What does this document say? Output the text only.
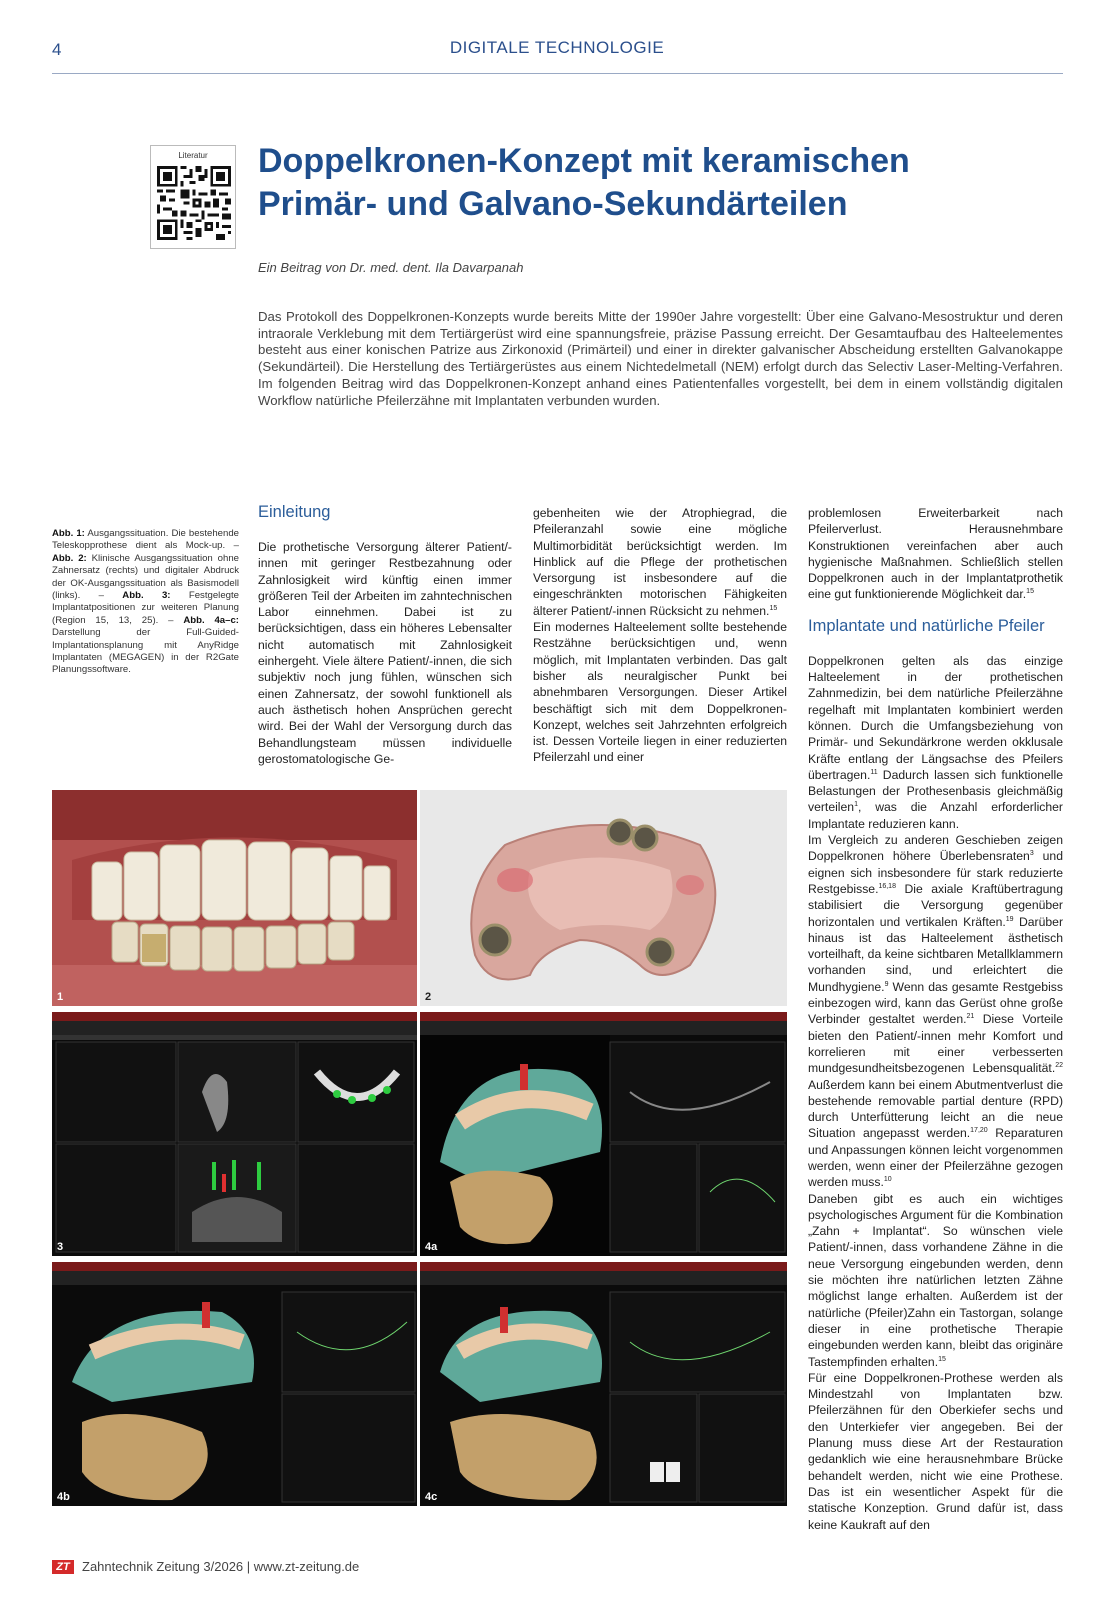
4	DIGITALE TECHNOLOGIE
Literatur	Doppelkronen-Konzept mit keramischen Primär- und Galvano-Sekundärteilen
Ein Beitrag von Dr. med. dent. Ila Davarpanah

Das Protokoll des Doppelkronen-Konzepts wurde bereits Mitte der 1990er Jahre vorgestellt: Über eine Galvano-Mesostruktur und deren intraorale Verklebung mit dem Tertiärgerüst wird eine spannungsfreie, präzise Passung erreicht. Der Gesamtaufbau des Halteelementes besteht aus einer konischen Patrize aus Zirkonoxid (Primärteil) und einer in direkter galvanischer Abscheidung erstellten Galvanokappe (Sekundärteil). Die Herstellung des Tertiärgerüstes aus einem Nichtedelmetall (NEM) erfolgt durch das Selectiv Laser-Melting-Verfahren. Im folgenden Beitrag wird das Doppelkronen-Konzept anhand eines Patientenfalles vorgestellt, bei dem in einem vollständig digitalen Workflow natürliche Pfeilerzähne mit Implantaten verbunden wurden.

Abb. 1: Ausgangssituation. Die bestehende Teleskopprothese dient als Mock-up. – Abb. 2: Klinische Ausgangssituation ohne Zahnersatz (rechts) und digitaler Abdruck der OK-Ausgangssituation als Basismodell (links). – Abb. 3: Festgelegte Implantatpositionen zur weiteren Planung (Region 15, 13, 25). – Abb. 4a–c: Darstellung der Full-Guided-Implantationsplanung mit AnyRidge Implantaten (MEGAGEN) in der R2Gate Planungssoftware.
Einleitung

Die prothetische Versorgung älterer Patient/-innen mit geringer Restbezahnung oder Zahnlosigkeit wird künftig einen immer größeren Teil der Arbeiten im zahntechnischen Labor einnehmen. Dabei ist zu berücksichtigen, dass ein höheres Lebensalter nicht automatisch mit Zahnlosigkeit einhergeht. Viele ältere Patient/-innen, die sich subjektiv noch jung fühlen, wünschen sich einen Zahnersatz, der sowohl funktionell als auch ästhetisch hohen Ansprüchen gerecht wird. Bei der Wahl der Versorgung durch das Behandlungsteam müssen individuelle gerostomatologische Ge-

gebenheiten wie der Atrophiegrad, die Pfeileranzahl sowie eine mögliche Multimorbidität berücksichtigt werden. Im Hinblick auf die Pflege der prothetischen Versorgung ist insbesondere auf die eingeschränkten motorischen Fähigkeiten älterer Patient/-innen Rücksicht zu nehmen.$^{15}$

Ein modernes Halteelement sollte bestehende Restzähne berücksichtigen und, wenn möglich, mit Implantaten verbinden. Das galt bisher als neuralgischer Punkt bei abnehmbaren Versorgungen. Dieser Artikel beschäftigt sich mit dem Doppelkronen-Konzept, welches seit Jahrzehnten erfolgreich ist. Dessen Vorteile liegen in einer reduzierten Pfeilerzahl und einer

problemlosen Erweiterbarkeit nach Pfeilerverlust. Herausnehmbare Konstruktionen vereinfachen aber auch hygienische Maßnahmen. Schließlich stellen Doppelkronen auch in der Implantatprothetik eine gut funktionierende Möglichkeit dar.$^{15}$

Implantate und natürliche Pfeiler

Doppelkronen gelten als das einzige Halteelement in der prothetischen Zahnmedizin, bei dem natürliche Pfeilerzähne regelhaft mit Implantaten kombiniert werden können. Durch die Umfangsbeziehung von Primär- und Sekundärkrone werden okklusale Kräfte entlang der Längsachse des Pfeilers übertragen.$^{11}$ Dadurch lassen sich funktionelle Belastungen der Prothesenbasis gleichmäßig verteilen$^1$, was die Anzahl erforderlicher Implantate reduzieren kann.

Im Vergleich zu anderen Geschieben zeigen Doppelkronen höhere Überlebensraten$^3$ und eignen sich insbesondere für stark reduzierte Restgebisse.$^{16,18}$ Die axiale Kraftübertragung stabilisiert die Versorgung gegenüber horizontalen und vertikalen Kräften.$^{19}$ Darüber hinaus ist das Halteelement ästhetisch vorteilhaft, da keine sichtbaren Metallklammern vorhanden sind, und erleichtert die Mundhygiene.$^9$ Wenn das gesamte Restgebiss einbezogen wird, kann das Gerüst ohne große Verbinder gestaltet werden.$^{21}$ Diese Vorteile bieten den Patient/-innen mehr Komfort und korrelieren mit einer verbesserten mundgesundheitsbezogenen Lebensqualität.$^{22}$ Außerdem kann bei einem Abutmentverlust die bestehende removable partial denture (RPD) durch Unterfütterung leicht an die neue Situation angepasst werden.$^{17,20}$ Reparaturen und Anpassungen können leicht vorgenommen werden, wenn einer der Pfeilerzähne gezogen werden muss.$^{10}$

Daneben gibt es auch ein wichtiges psychologisches Argument für die Kombination „Zahn + Implantat“. So wünschen viele Patient/-innen, dass vorhandene Zähne in die neue Versorgung eingebunden werden, denn sie möchten ihre natürlichen letzten Zähne möglichst lange erhalten. Außerdem ist der natürliche (Pfeiler)Zahn ein Tastorgan, solange dieser in eine prothetische Therapie eingebunden werden kann, bleibt das originäre Tastempfinden erhalten.$^{15}$

Für eine Doppelkronen-Prothese werden als Mindestzahl von Implantaten bzw. Pfeilerzähnen für den Oberkiefer sechs und den Unterkiefer vier angegeben. Bei der Planung muss diese Art der Restauration gedanklich wie eine herausnehmbare Brücke behandelt werden, nicht wie eine Prothese. Das ist ein wesentlicher Aspekt für die statische Konzeption. Grund dafür ist, dass keine Kaukraft auf den

1	2
3	4a
4b	4c
ZT Zahntechnik Zeitung 3/2026 | www.zt-zeitung.de
